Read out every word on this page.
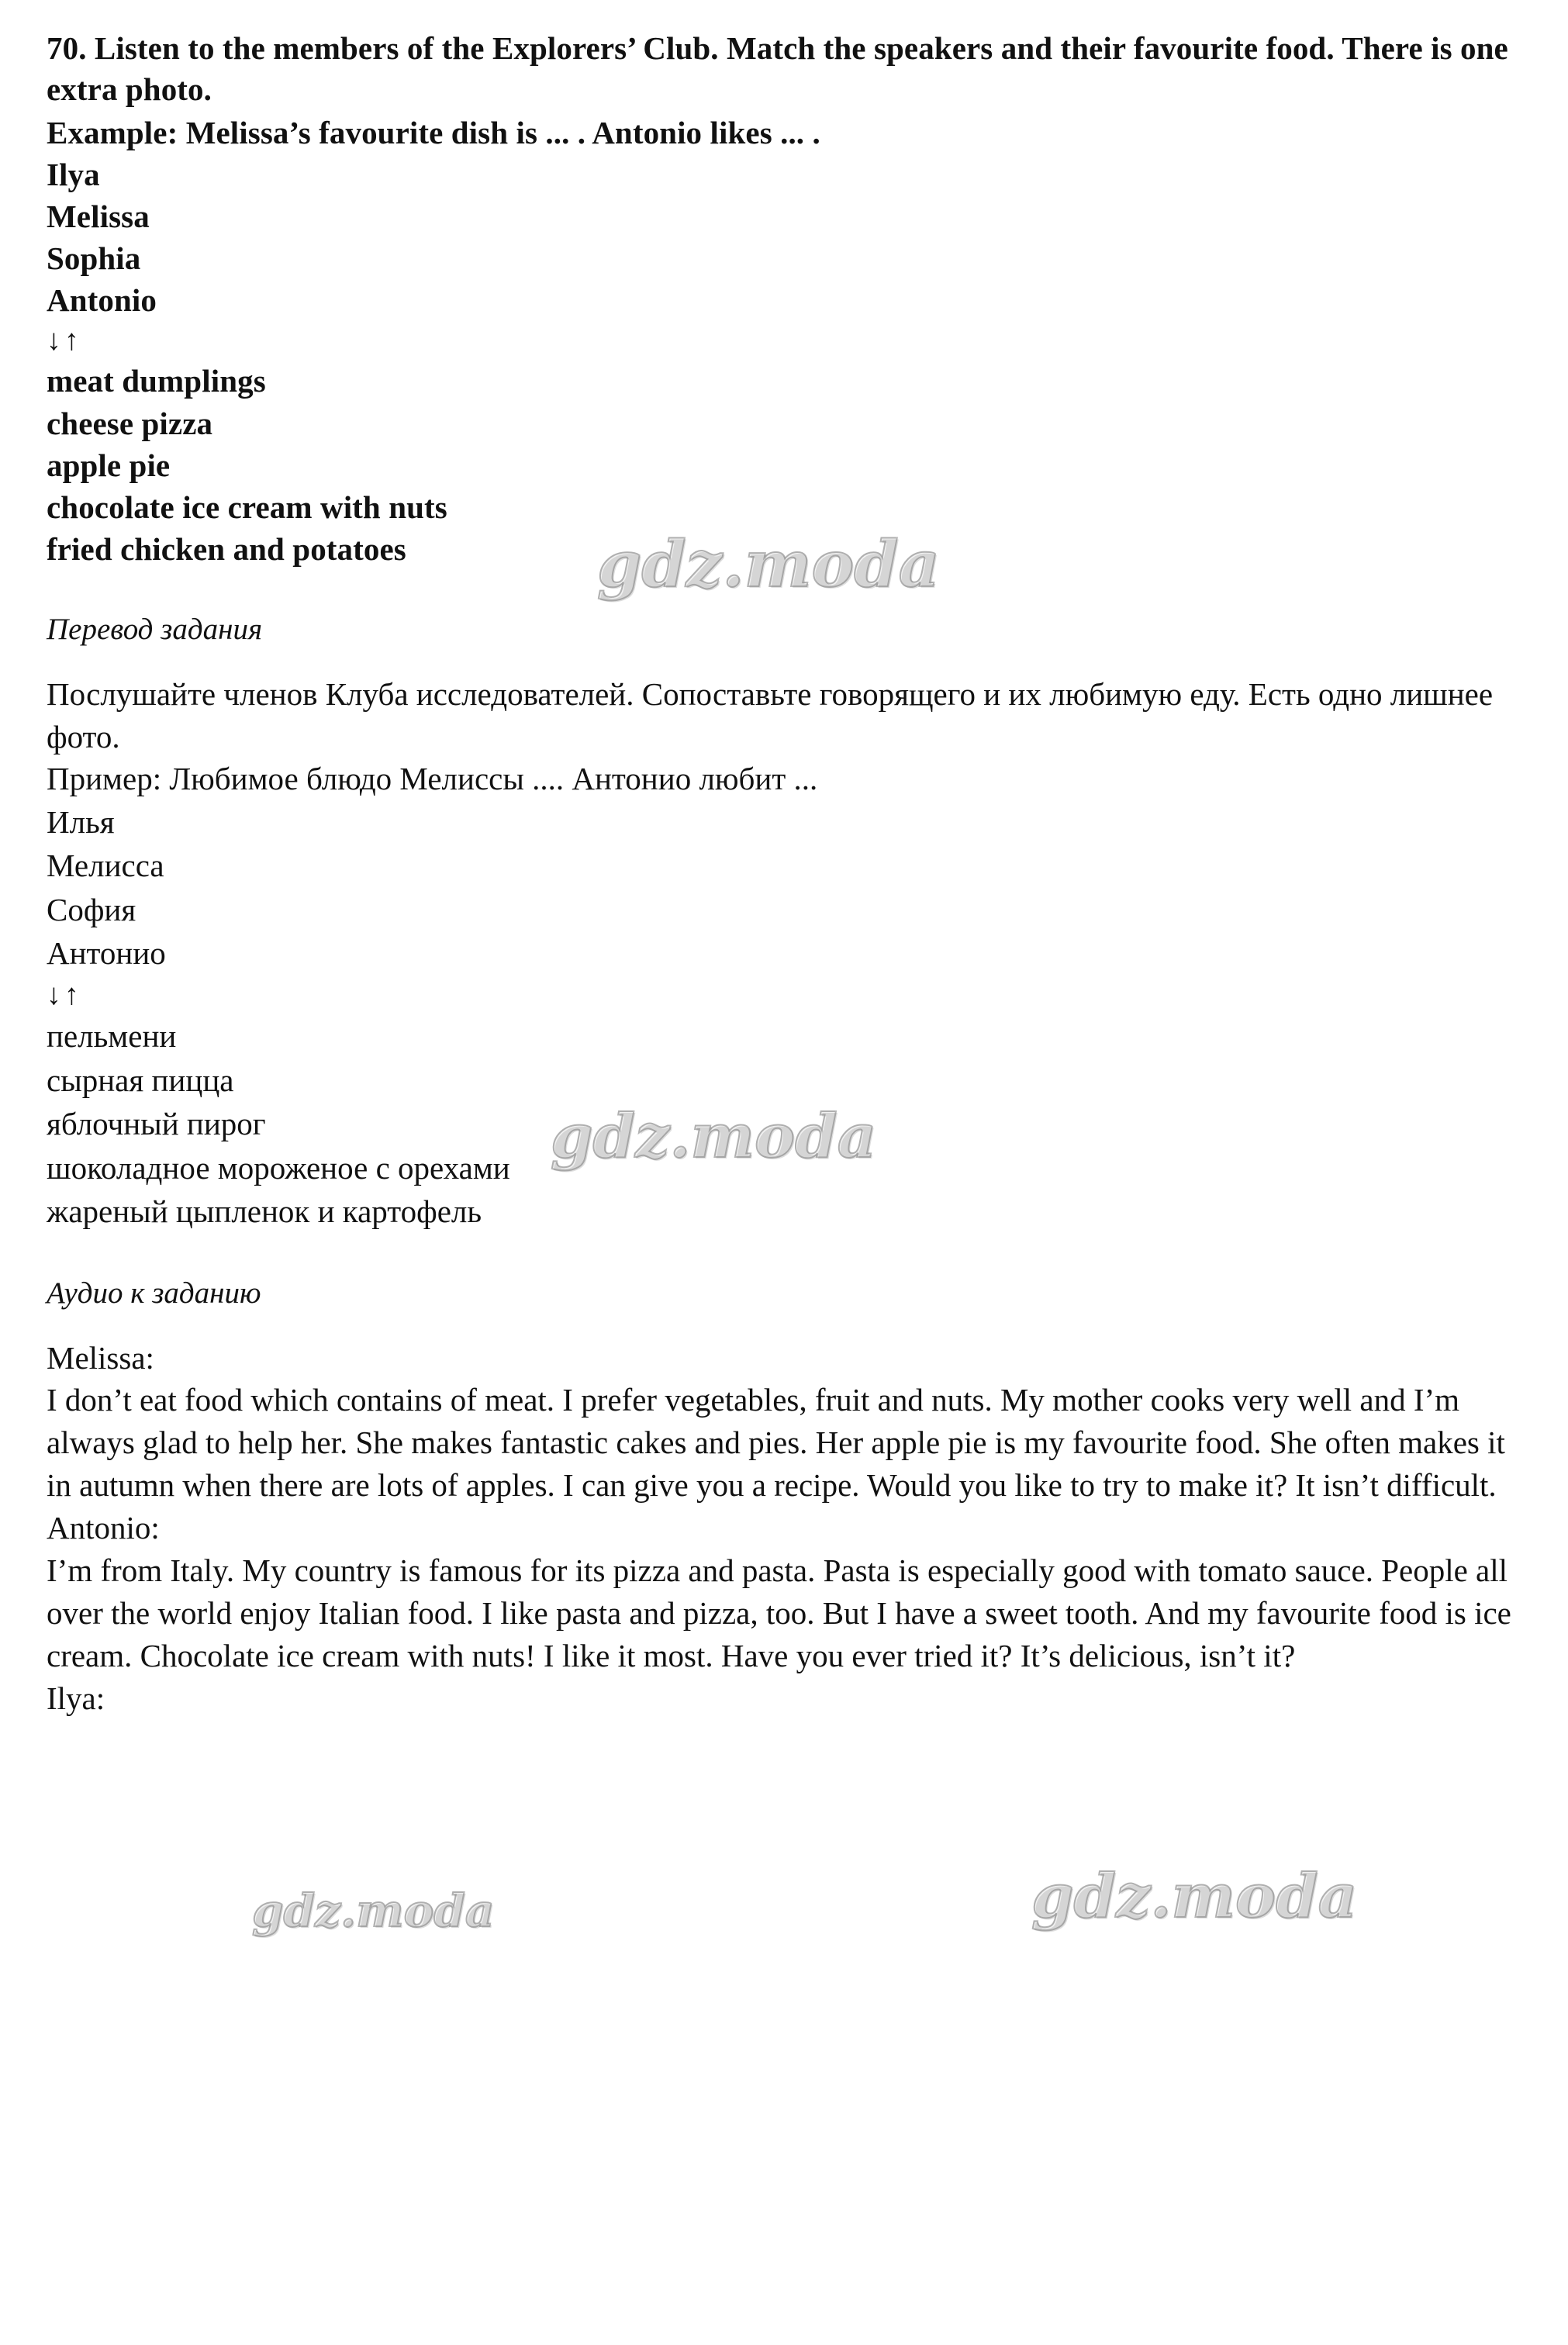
gdz.moda
gdz.moda
gdz.moda	gdz.moda

70. Listen to the members of the Explorers’ Club. Match the speakers and their favourite food. There is one extra photo.

Example: Melissa’s favourite dish is ... . Antonio likes ... .

Ilya

Melissa

Sophia

Antonio

↓↑

meat dumplings

cheese pizza

apple pie

chocolate ice cream with nuts

fried chicken and potatoes

Перевод задания

Послушайте членов Клуба исследователей. Сопоставьте говорящего и их любимую еду. Есть одно лишнее фото.

Пример: Любимое блюдо Мелиссы .... Антонио любит ...

Илья

Мелисса

София

Антонио

↓↑

пельмени

сырная пицца

яблочный пирог

шоколадное мороженое с орехами

жареный цыпленок и картофель

Аудио к заданию

Melissa:

I don’t eat food which contains of meat. I prefer vegetables, fruit and nuts. My mother cooks very well and I’m always glad to help her. She makes fantastic cakes and pies. Her apple pie is my favourite food. She often makes it in autumn when there are lots of apples. I can give you a recipe. Would you like to try to make it? It isn’t difficult.

Antonio:

I’m from Italy. My country is famous for its pizza and pasta. Pasta is especially good with tomato sauce. People all over the world enjoy Italian food. I like pasta and pizza, too. But I have a sweet tooth. And my favourite food is ice cream. Chocolate ice cream with nuts! I like it most. Have you ever tried it? It’s delicious, isn’t it?

Ilya:
